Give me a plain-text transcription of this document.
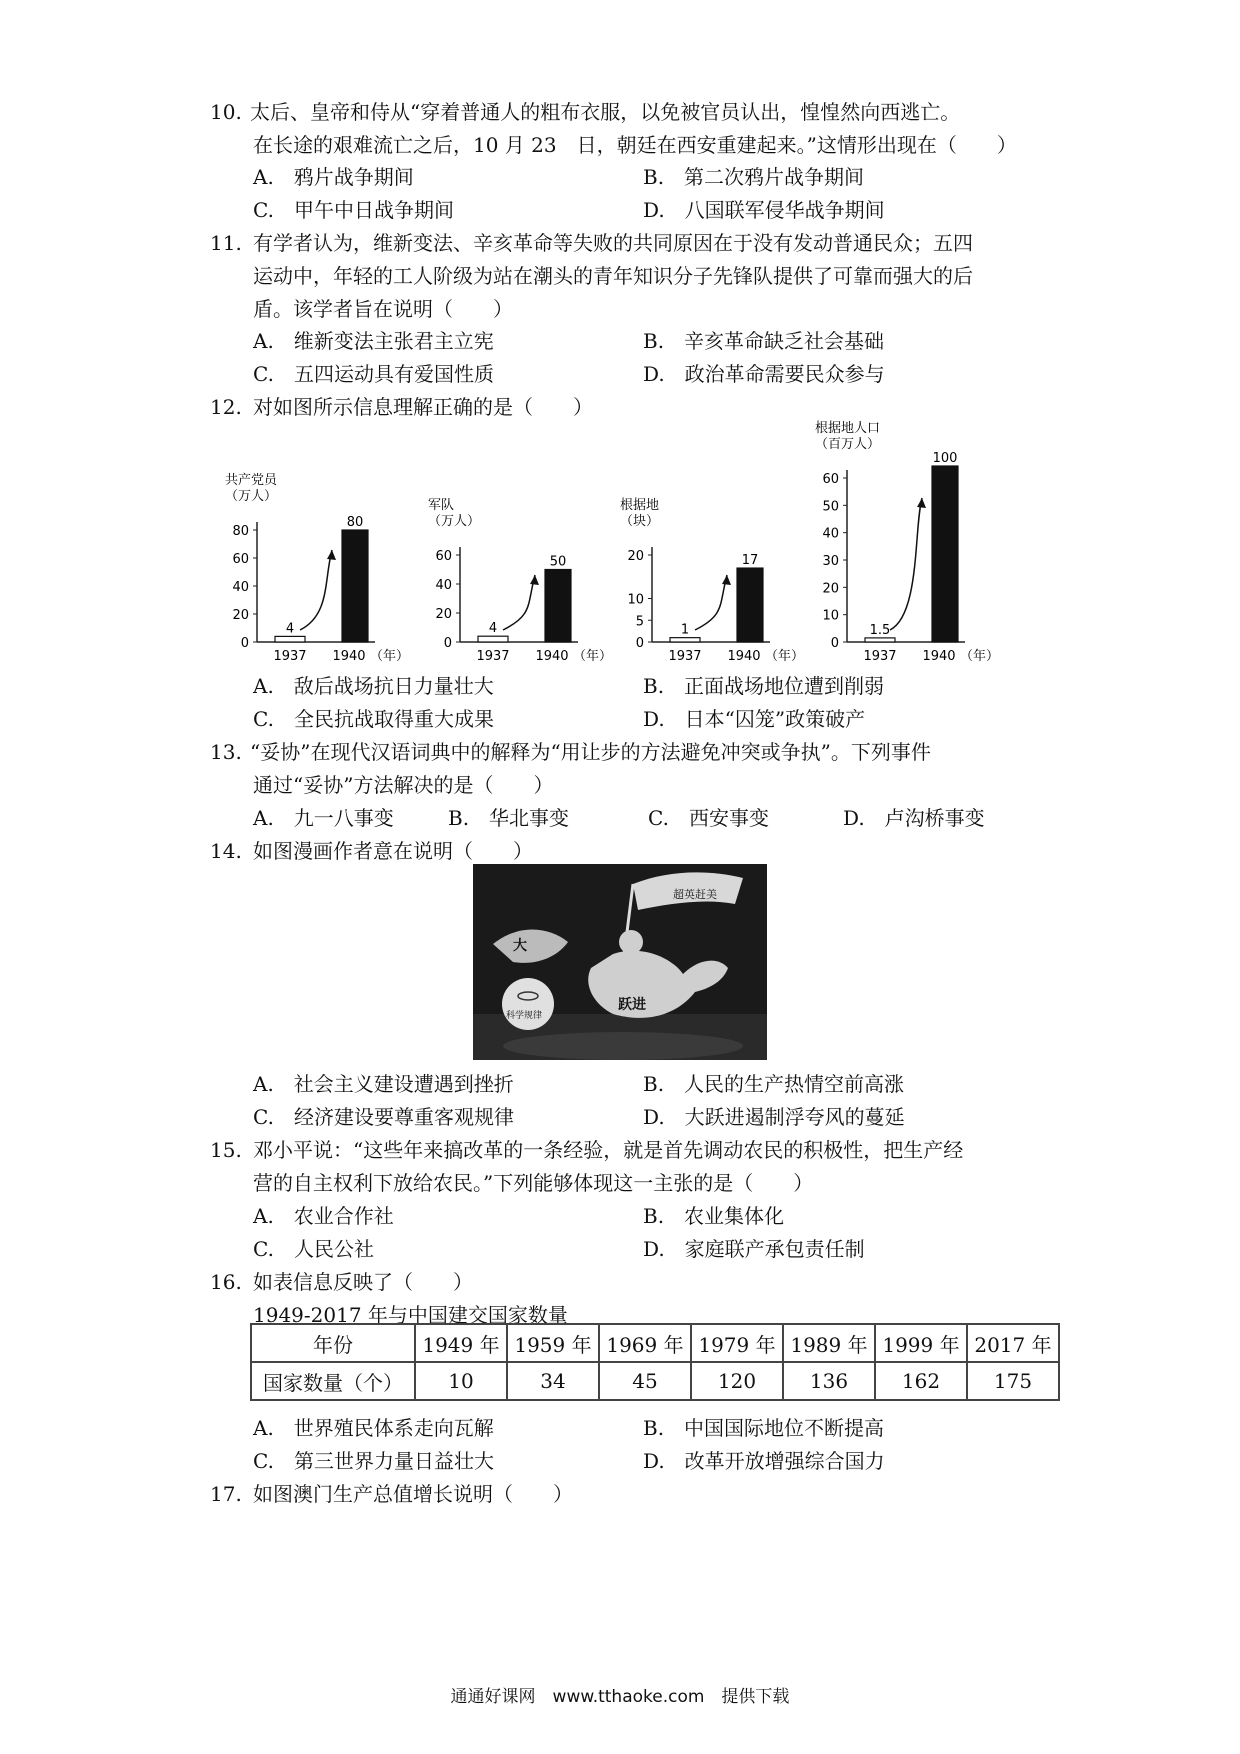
10. 太后、皇帝和侍从“穿着普通人的粗布衣服，以免被官员认出，惶惶然向西逃亡。
在长途的艰难流亡之后，10 月 23　日，朝廷在西安重建起来。”这情形出现在（　　）
A.　鸦片战争期间	B.　第二次鸦片战争期间
C.　甲午中日战争期间	D.　八国联军侵华战争期间
11. 有学者认为，维新变法、辛亥革命等失败的共同原因在于没有发动普通民众；五四
运动中，年轻的工人阶级为站在潮头的青年知识分子先锋队提供了可靠而强大的后
盾。该学者旨在说明（　　）
A.　维新变法主张君主立宪	B.　辛亥革命缺乏社会基础
C.　五四运动具有爱国性质	D.　政治革命需要民众参与
12. 对如图所示信息理解正确的是（　　）
共产党员
（万人）
80
60
40
20
0
4
1937
80
1940 （年）
军队
（万人）
60
40
20
0
4
1937
50
1940 （年）
根据地
（块）
20
10
5
0
1
1937
17
1940 （年）
根据地人口
（百万人）
60
50
40
30
20
10
0
1.5
1937
100
1940 （年）
A.　敌后战场抗日力量壮大	B.　正面战场地位遭到削弱
C.　全民抗战取得重大成果	D.　日本“囚笼”政策破产
13. “妥协”在现代汉语词典中的解释为“用让步的方法避免冲突或争执”。下列事件
通过“妥协”方法解决的是（　　）
A.　九一八事变	B.　华北事变	C.　西安事变	D.　卢沟桥事变
14. 如图漫画作者意在说明（　　）
超英赶美
跃进
大
科学规律
A.　社会主义建设遭遇到挫折	B.　人民的生产热情空前高涨
C.　经济建设要尊重客观规律	D.　大跃进遏制浮夸风的蔓延
15. 邓小平说：“这些年来搞改革的一条经验，就是首先调动农民的积极性，把生产经
营的自主权利下放给农民。”下列能够体现这一主张的是（　　）
A.　农业合作社	B.　农业集体化
C.　人民公社	D.　家庭联产承包责任制
16. 如表信息反映了（　　）
1949-2017 年与中国建交国家数量
年份	1949 年	1959 年	1969 年	1979 年	1989 年	1999 年	2017 年
国家数量（个）	10	34	45	120	136	162	175
A.　世界殖民体系走向瓦解	B.　中国国际地位不断提高
C.　第三世界力量日益壮大	D.　改革开放增强综合国力
17. 如图澳门生产总值增长说明（　　）
通通好课网　www.tthaoke.com　提供下载
